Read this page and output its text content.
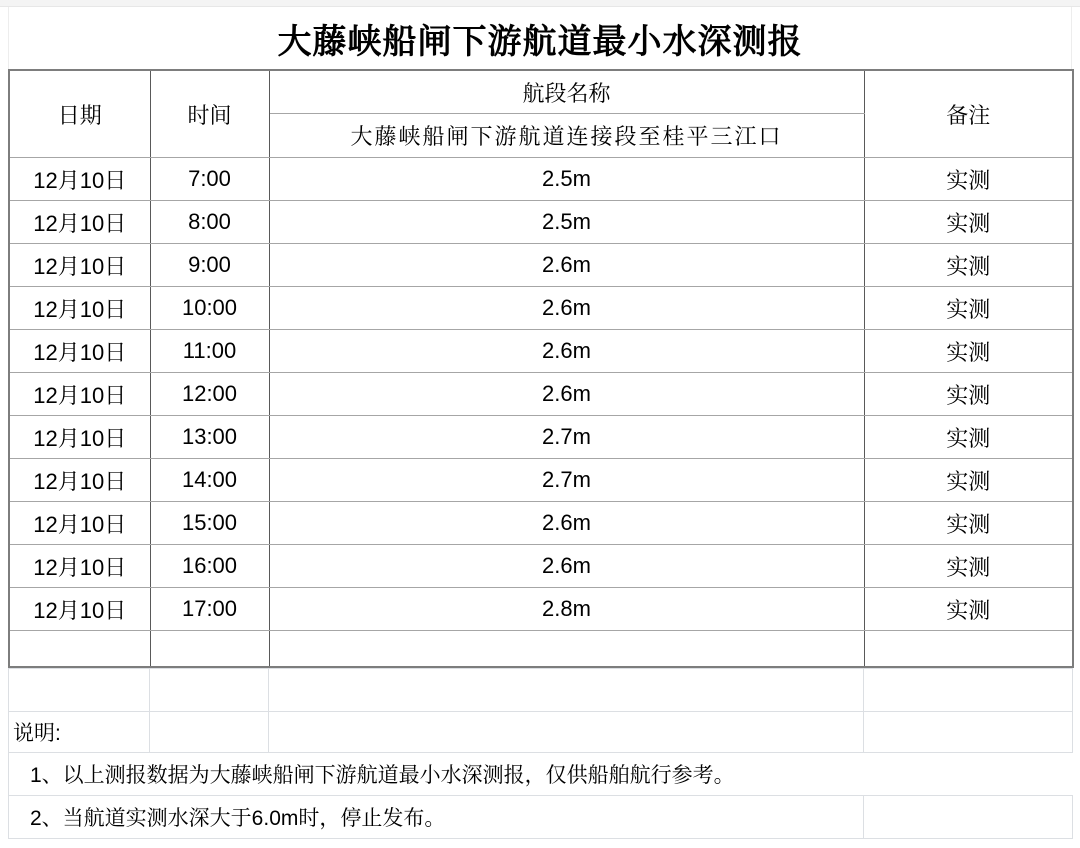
大藤峡船闸下游航道最小水深测报
日期	时间	航段名称	备注
		大藤峡船闸下游航道连接段至桂平三江口	
12月10日	7:00	2.5m	实测
12月10日	8:00	2.5m	实测
12月10日	9:00	2.6m	实测
12月10日	10:00	2.6m	实测
12月10日	11:00	2.6m	实测
12月10日	12:00	2.6m	实测
12月10日	13:00	2.7m	实测
12月10日	14:00	2.7m	实测
12月10日	15:00	2.6m	实测
12月10日	16:00	2.6m	实测
12月10日	17:00	2.8m	实测

说明:			
1、以上测报数据为大藤峡船闸下游航道最小水深测报，仅供船舶航行参考。			
2、当航道实测水深大于6.0m时，停止发布。			
